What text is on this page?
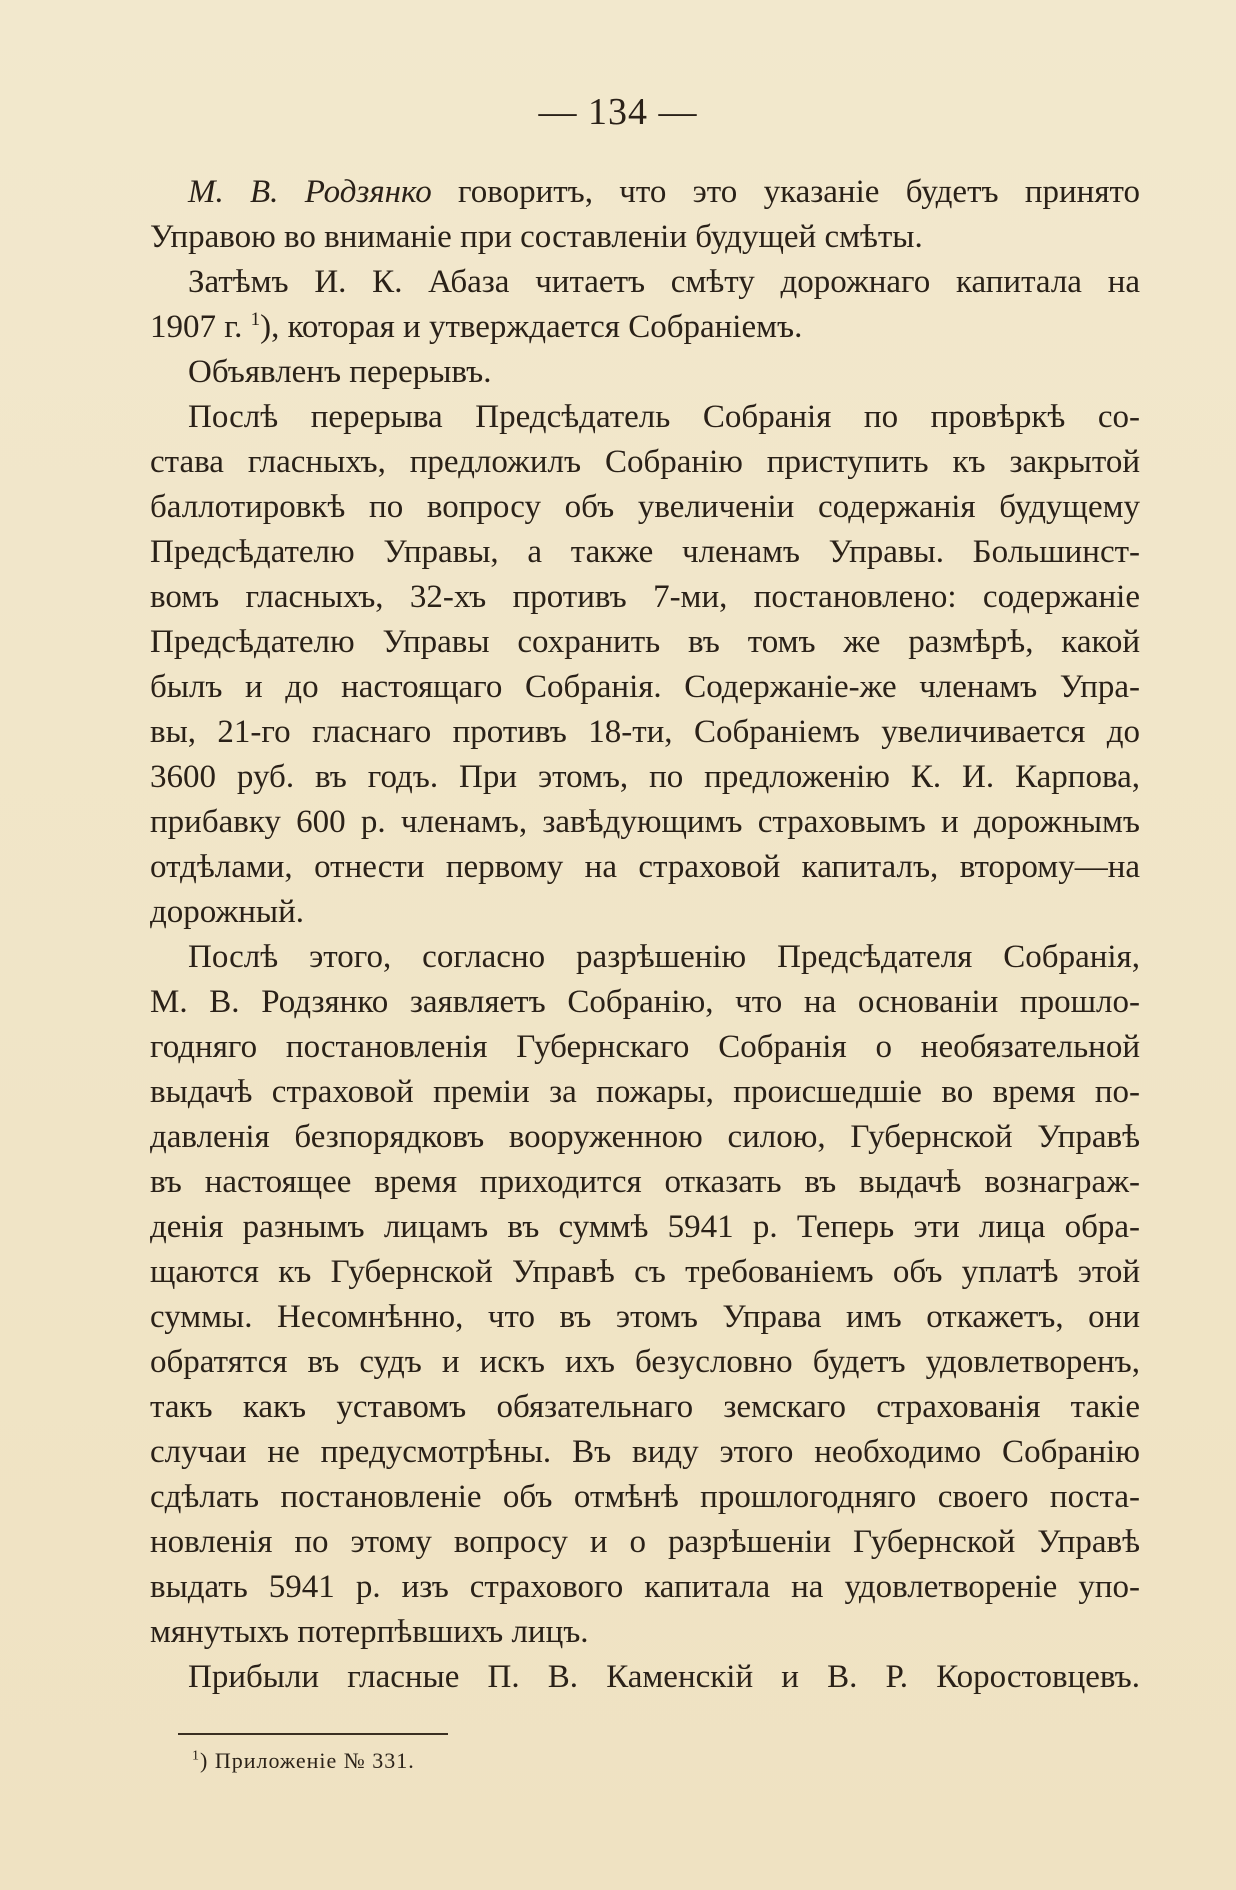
— 134 —
М. В. Родзянко говоритъ, что это указаніе будетъ принято
Управою во вниманіе при составленіи будущей смѣты.
Затѣмъ И. К. Абаза читаетъ смѣту дорожнаго капитала на
1907 г. $^1$), которая и утверждается Собраніемъ.
Объявленъ перерывъ.
Послѣ перерыва Предсѣдатель Собранія по провѣркѣ со-
става гласныхъ, предложилъ Собранію приступить къ закрытой
баллотировкѣ по вопросу объ увеличеніи содержанія будущему
Предсѣдателю Управы, а также членамъ Управы. Большинст-
вомъ гласныхъ, 32-хъ противъ 7-ми, постановлено: содержаніе
Предсѣдателю Управы сохранить въ томъ же размѣрѣ, какой
былъ и до настоящаго Собранія. Содержаніе-же членамъ Упра-
вы, 21-го гласнаго противъ 18-ти, Собраніемъ увеличивается до
3600 руб. въ годъ. При этомъ, по предложенію К. И. Карпова,
прибавку 600 р. членамъ, завѣдующимъ страховымъ и дорожнымъ
отдѣлами, отнести первому на страховой капиталъ, второму—на
дорожный.
Послѣ этого, согласно разрѣшенію Предсѣдателя Собранія,
М. В. Родзянко заявляетъ Собранію, что на основаніи прошло-
годняго постановленія Губернскаго Собранія о необязательной
выдачѣ страховой преміи за пожары, происшедшіе во время по-
давленія безпорядковъ вооруженною силою, Губернской Управѣ
въ настоящее время приходится отказать въ выдачѣ вознаграж-
денія разнымъ лицамъ въ суммѣ 5941 р. Теперь эти лица обра-
щаются къ Губернской Управѣ съ требованіемъ объ уплатѣ этой
суммы. Несомнѣнно, что въ этомъ Управа имъ откажетъ, они
обратятся въ судъ и искъ ихъ безусловно будетъ удовлетворенъ,
такъ какъ уставомъ обязательнаго земскаго страхованія такіе
случаи не предусмотрѣны. Въ виду этого необходимо Собранію
сдѣлать постановленіе объ отмѣнѣ прошлогодняго своего поста-
новленія по этому вопросу и о разрѣшеніи Губернской Управѣ
выдать 5941 р. изъ страхового капитала на удовлетвореніе упо-
мянутыхъ потерпѣвшихъ лицъ.
Прибыли гласные П. В. Каменскій и В. Р. Коростовцевъ.
$^1$) Приложеніе № 331.
